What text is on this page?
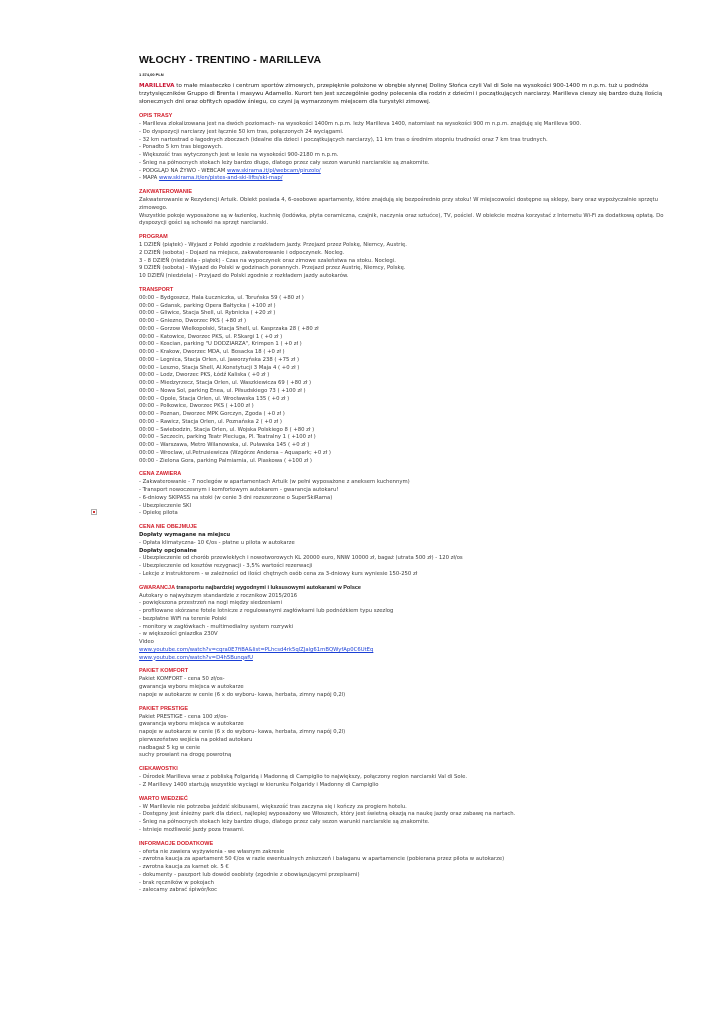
WŁOCHY - TRENTINO - MARILLEVA
1 374,00 PLN
MARILLEVA to małe miasteczko i centrum sportów zimowych, przepięknie położone w obrębie słynnej Doliny Słońca czyli Val di Sole na wysokości 900-1400 m n.p.m. tuż u podnóża trzytysięczników Gruppo di Brenta i masywu Adamello. Kurort ten jest szczególnie godny polecenia dla rodzin z dziećmi i początkujących narciarzy. Marilleva cieszy się bardzo dużą ilością słonecznych dni oraz obfitych opadów śniegu, co czyni ją wymarzonym miejscem dla turystyki zimowej.
OPIS TRASY
- Marilleva zlokalizowana jest na dwóch poziomach- na wysokości 1400m n.p.m. leży Marilleva 1400, natomiast na wysokości 900 m n.p.m. znajduję się Marilleva 900.
- Do dyspozycji narciarzy jest łącznie 50 km tras, połączonych 24 wyciągami.
- 32 km nartostrad o łagodnych zboczach (idealne dla dzieci i początkujących narciarzy), 11 km tras o średnim stopniu trudności oraz 7 km tras trudnych.
- Ponadto 5 km tras biegowych.
- Większość tras wytyczonych jest w lesie na wysokości 900-2180 m n.p.m.
- Śnieg na północnych stokach leży bardzo długo, dlatego przez cały sezon warunki narciarskie są znakomite.
- PODGLĄD NA ŻYWO - WEBCAM www.skirama.it/pl/webcam/pinzolo/
- MAPA www.skirama.it/en/pistes-and-ski-lifts/ski-map/
ZAKWATEROWANIE
Zakwaterowanie w Rezydencji Artuik. Obiekt posiada 4, 6-osobowe apartamenty, które znajdują się bezpośrednio przy stoku! W miejscowości dostępne są sklepy, bary oraz wypożyczalnie sprzętu zimowego.
Wszystkie pokoje wyposażone są w łazienkę, kuchnię (lodówka, płyta ceramiczna, czajnik, naczynia oraz sztućce), TV, pościel. W obiekcie można korzystać z Internetu Wi-Fi za dodatkową opłatą. Do dyspozycji gości są schowki na sprzęt narciarski.
PROGRAM
1 DZIEŃ (piątek) - Wyjazd z Polski zgodnie z rozkładem jazdy. Przejazd przez Polskę, Niemcy, Austrię.
2 DZIEŃ (sobota) - Dojazd na miejsce, zakwaterowanie i odpoczynek. Nocleg.
3 - 8 DZIEŃ (niedziela - piątek) - Czas na wypoczynek oraz zimowe szaleństwa na stoku. Noclegi.
9 DZIEŃ (sobota) - Wyjazd do Polski w godzinach porannych. Przejazd przez Austrię, Niemcy, Polskę.
10 DZIEŃ (niedziela) - Przyjazd do Polski zgodnie z rozkładem jazdy autokarów.
TRANSPORT
00:00 – Bydgoszcz, Hala Łuczniczka, ul. Toruńska 59 ( +80 zł )
00:00 – Gdansk, parking Opera Bałtycka ( +100 zł )
00:00 – Gliwice, Stacja Shell, ul. Rybnicka ( +20 zł )
00:00 – Gniezno, Dworzec PKS ( +80 zł )
00:00 – Gorzow Wielkopolski, Stacja Shell, ul. Kasprzaka 28 ( +80 zł
00:00 – Katowice, Dworzec PKS, ul. P.Skargi 1 ( +0 zł )
00:00 – Koscian, parking "U DODZIARZA", Krimpen 1 ( +0 zł )
00:00 – Krakow, Dworzec MDA, ul. Bosacka 18 ( +0 zł )
00:00 – Legnica, Stacja Orlen, ul. Jaworzyńska 238 ( +75 zł )
00:00 – Leszno, Stacja Shell, Al.Konstytucji 3 Maja 4 ( +0 zł )
00:00 – Lodz, Dworzec PKS, Łódź Kaliska ( +0 zł )
00:00 – Miedzyrzecz, Stacja Orlen, ul. Waszkiewicza 69 ( +80 zł )
00:00 – Nowa Sol, parking Enea, ul. Piłsudskiego 73 ( +100 zł )
00:00 – Opole, Stacja Orlen, ul. Wrocławska 135 ( +0 zł )
00:00 – Polkowice, Dworzec PKS ( +100 zł )
00:00 – Poznan, Dworzec MPK Gorczyn, Zgoda ( +0 zł )
00:00 – Rawicz, Stacja Orlen, ul. Poznańska 2 ( +0 zł )
00:00 – Swiebodzin, Stacja Orlen, ul. Wojska Polskiego 8 ( +80 zł )
00:00 – Szczecin, parking Teatr Pleciuga, Pl. Teatralny 1 ( +100 zł )
00:00 – Warszawa, Metro Wilanowska, ul. Puławska 145 ( +0 zł )
00:00 – Wroclaw, ul.Petrusiewicza (Wzgórze Andersa – Aquapark; +0 zł )
00:00 - Zielona Gora, parking Palmiarnia, ul. Piaskowa ( +100 zł )
CENA ZAWIERA
- Zakwaterowanie - 7 noclegów w apartamentach Artuik (w pełni wyposażone z aneksem kuchennym)
- Transport nowoczesnym i komfortowym autokarem - gwarancja autokaru!
- 6-dniowy SKIPASS na stoki (w cenie 3 dni rozszerzone o SuperSkiRama)
- Ubezpieczenie SKI
- Opiekę pilota
CENA NIE OBEJMUJE
Dopłaty wymagane na miejscu
- Opłata klimatyczna- 10 €/os - płatne u pilota w autokarze
Dopłaty opcjonalne
- Ubezpieczenie od chorób przewlekłych i nowotworowych KL 20000 euro, NNW 10000 zł, bagaż (utrata 500 zł) - 120 zł/os
- Ubezpieczenie od kosztów rezygnacji - 3,5% wartości rezerwacji
- Lekcje z instruktorem - w zależności od ilości chętnych osób cena za 3-dniowy kurs wyniesie 150-250 zł
GWARANCJA transportu najbardziej wygodnymi i luksusowymi autokarami w Polsce
Autokary o najwyższym standardzie z rocznikow 2015/2016
- powiększona przestrzeń na nogi między siedzeniami
- profilowane skórzane fotele lotnicze z regulowanymi zagłówkami lub podnóżkiem typu szezlog
- bezpłatne WiFi na terenie Polski
- monitory w zagłówkach - multimedialny system rozrywki
- w większości gniazdka 230V
Video
www.youtube.com/watch?v=cqra0E7fiBA&list=PLhcsd4rk5qlZJalg61mBQWyfAp0C6UtEq
www.youtube.com/watch?v=D4h5BunqafU
PAKIET KOMFORT
Pakiet KOMFORT - cena 50 zł/os-
gwarancja wyboru miejsca w autokarze
napoje w autokarze w cenie (6 x do wyboru- kawa, herbata, zimny napój 0,2l)
PAKIET PRESTIGE
Pakiet PRESTIGE - cena 100 zł/os-
gwarancja wyboru miejsca w autokarze
napoje w autokarze w cenie (6 x do wyboru- kawa, herbata, zimny napój 0,2l)
pierwszeństwo wejścia na pokład autokaru
nadbagaż 5 kg w cenie
suchy prowiant na drogę powrotną
CIEKAWOSTKI
- Ośrodek Marilleva wraz z pobliską Folgaridą i Madonną di Campiglio to największy, połączony region narciarski Val di Sole.
- Z Marillevy 1400 startują wszystkie wyciągi w kierunku Folgaridy i Madonny di Campiglio
WARTO WIEDZIEĆ
- W Marillevie nie potrzeba jeździć skibusami, większość tras zaczyna się i kończy za progiem hotelu.
- Dostępny jest śnieżny park dla dzieci, najlepiej wyposażony we Włoszech, który jest świetną okazją na naukę jazdy oraz zabawę na nartach.
- Śnieg na północnych stokach leży bardzo długo, dlatego przez cały sezon warunki narciarskie są znakomite.
- Istnieje możliwość jazdy poza trasami.
INFORMACJE DODATKOWE
- oferta nie zawiera wyżywienia - we własnym zakresie
- zwrotna kaucja za apartament 50 €/os w razie ewentualnych zniszczeń i bałaganu w apartamencie (pobierana przez pilota w autokarze)
- zwrotna kaucja za karnet ok. 5 €
- dokumenty - paszport lub dowód osobisty (zgodnie z obowiązującymi przepisami)
- brak ręczników w pokojach
- zalecamy zabrać śpiwór/koc
